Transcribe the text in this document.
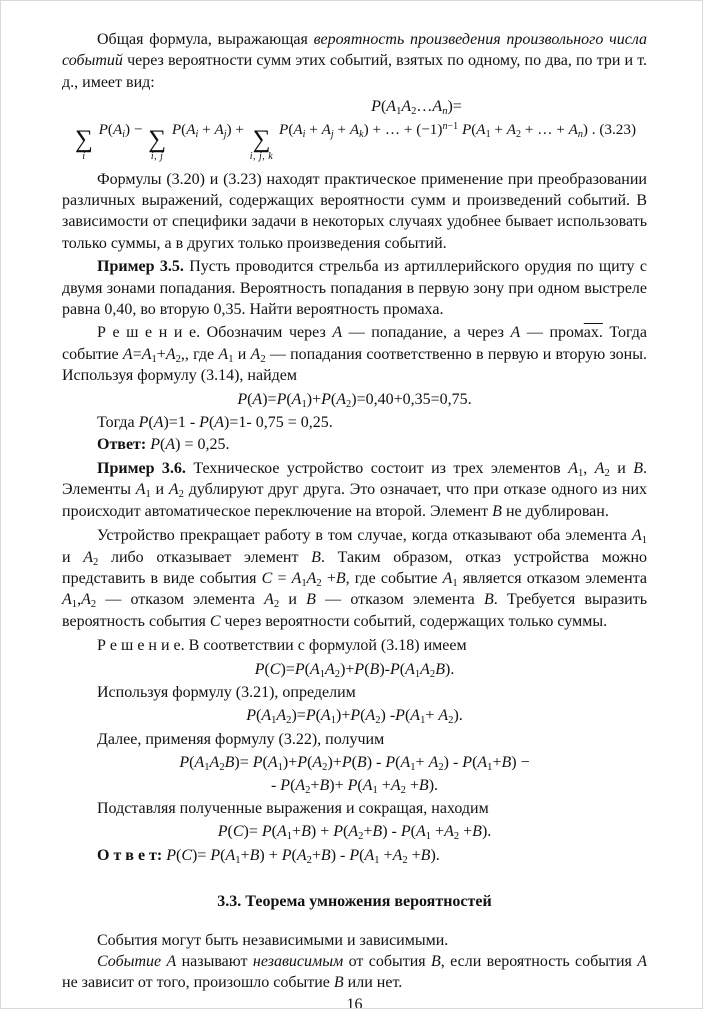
Общая формула, выражающая вероятность произведения произвольного числа событий через вероятности сумм этих событий, взятых по одному, по два, по три и т. д., имеет вид:
$P(A_1A_2\dots A_n)=$
∑
i
$P(A_i)$ − ∑
i, j
$P(A_i + A_j)$ + ∑
i, j, k
$P(A_i + A_j + A_k)$ + … + $(-1)^{n-1}$ $P(A_1 + A_2$ + … + $A_n$) . (3.23)
Формулы (3.20) и (3.23) находят практическое применение при преобразовании различных выражений, содержащих вероятности сумм и произведений событий. В зависимости от специфики задачи в некоторых случаях удобнее бывает использовать только суммы, а в других только произведения событий.
Пример 3.5. Пусть проводится стрельба из артиллерийского орудия по щиту с двумя зонами попадания. Вероятность попадания в первую зону при одном выстреле равна 0,40, во вторую 0,35. Найти вероятность промаха.
Р е ш е н и е. Обозначим через A — попадание, а через A — промах. Тогда событие $A=A_1+A_2$,, где $A_1$ и $A_2$ — попадания соответственно в первую и вторую зоны. Используя формулу (3.14), найдем
$P(A)=P(A_1)+P(A_2)=0,40+0,35=0,75$.
Тогда P(A)=1 - P(A)=1- 0,75 = 0,25.
Ответ: P(A) = 0,25.
Пример 3.6. Техническое устройство состоит из трех элементов $A_1$, $A_2$ и B. Элементы $A_1$ и $A_2$ дублируют друг друга. Это означает, что при отказе одного из них происходит автоматическое переключение на второй. Элемент B не дублирован.
Устройство прекращает работу в том случае, когда отказывают оба элемента $A_1$ и $A_2$ либо отказывает элемент B. Таким образом, отказ устройства можно представить в виде события $C = A_1A_2 +B$, где событие $A_1$ является отказом элемента $A_1,A_2$ — отказом элемента $A_2$ и B — отказом элемента B. Требуется выразить вероятность события C через вероятности событий, содержащих только суммы.
Р е ш е н и е. В соответствии с формулой (3.18) имеем
$P(C)=P(A_1A_2)+P(B)-P(A_1A_2B)$.
Используя формулу (3.21), определим
$P(A_1A_2)=P(A_1)+P(A_2)$ $-P(A_1+ A_2)$.
Далее, применяя формулу (3.22), получим
$P(A_1A_2B)= P(A_1)+P(A_2)+P(B) - P(A_1+ A_2) - P(A_1+B)$ −
- $P(A_2+B)+ P(A_1 +A_2 +B)$.
Подставляя полученные выражения и сокращая, находим
$P(C)= P(A_1+B) + P(A_2+B) - P(A_1 +A_2 +B)$.
О т в е т: $P(C)= P(A_1+B) + P(A_2+B) - P(A_1 +A_2 +B)$.
3.3. Теорема умножения вероятностей
События могут быть независимыми и зависимыми.
Событие A называют независимым от события B, если вероятность события A не зависит от того, произошло событие B или нет.
16
